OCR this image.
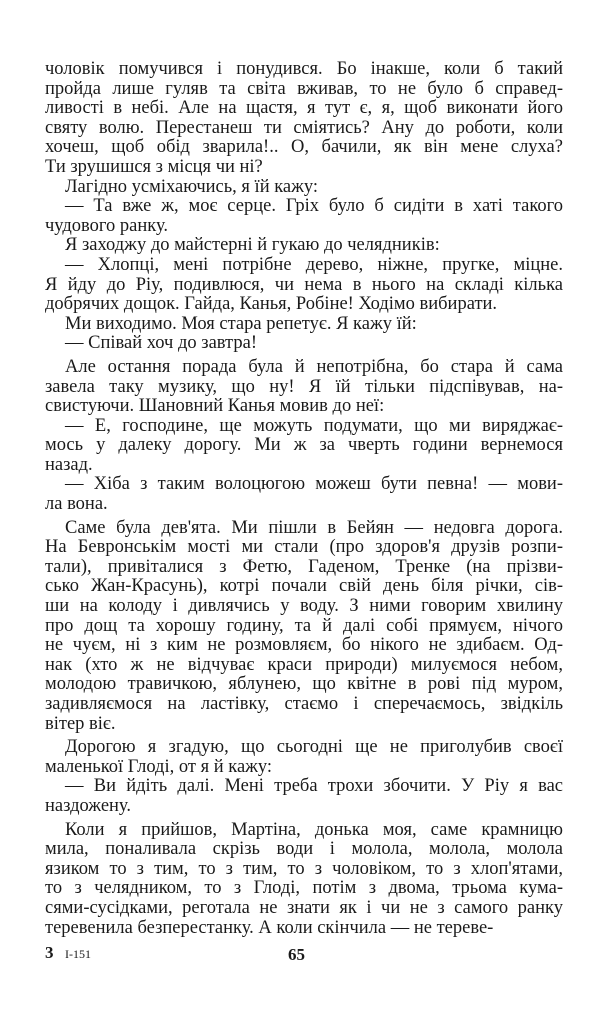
чоловік помучився і понудився. Бо інакше, коли б такий
пройда лише гуляв та світа вживав, то не було б справед-
ливості в небі. Але на щастя, я тут є, я, щоб виконати його
святу волю. Перестанеш ти сміятись? Ану до роботи, коли
хочеш, щоб обід зварила!.. О, бачили, як він мене слуха?
Ти зрушишся з місця чи ні?
Лагідно усміхаючись, я їй кажу:
— Та вже ж, моє серце. Гріх було б сидіти в хаті такого
чудового ранку.
Я заходжу до майстерні й гукаю до челядників:
— Хлопці, мені потрібне дерево, ніжне, пругке, міцне.
Я йду до Ріу, подивлюся, чи нема в нього на складі кілька
добрячих дощок. Гайда, Канья, Робіне! Ходімо вибирати.
Ми виходимо. Моя стара репетує. Я кажу їй:
— Співай хоч до завтра!
Але остання порада була й непотрібна, бо стара й сама
завела таку музику, що ну! Я їй тільки підспівував, на-
свистуючи. Шановний Канья мовив до неї:
— Е, господине, ще можуть подумати, що ми виряджає-
мось у далеку дорогу. Ми ж за чверть години вернемося
назад.
— Хіба з таким волоцюгою можеш бути певна! — мови-
ла вона.
Саме була дев'ята. Ми пішли в Бейян — недовга дорога.
На Бевронськім мості ми стали (про здоров'я друзів розпи-
тали), привіталися з Фетю, Гаденом, Тренке (на прізви-
сько Жан-Красунь), котрі почали свій день біля річки, сів-
ши на колоду і дивлячись у воду. З ними говорим хвилину
про дощ та хорошу годину, та й далі собі прямуєм, нічого
не чуєм, ні з ким не розмовляєм, бо нікого не здибаєм. Од-
нак (хто ж не відчуває краси природи) милуємося небом,
молодою травичкою, яблунею, що квітне в рові під муром,
задивляємося на ластівку, стаємо і сперечаємось, звідкіль
вітер віє.
Дорогою я згадую, що сьогодні ще не приголубив своєї
маленької Глоді, от я й кажу:
— Ви йдіть далі. Мені треба трохи збочити. У Ріу я вас
наздожену.
Коли я прийшов, Мартіна, донька моя, саме крамницю
мила, поналивала скрізь води і молола, молола, молола
язиком то з тим, то з тим, то з чоловіком, то з хлоп'ятами,
то з челядником, то з Глоді, потім з двома, трьома кума-
сями-сусідками, реготала не знати як і чи не з самого ранку
теревенила безперестанку. А коли скінчила — не тереве-
3 I-151	65
